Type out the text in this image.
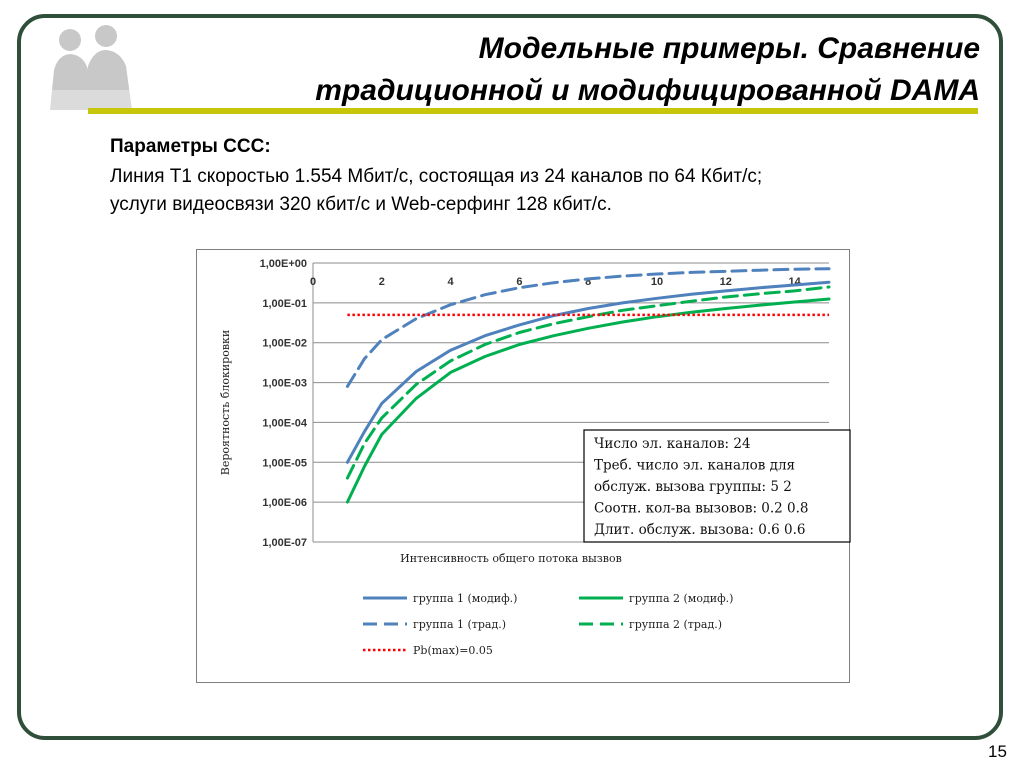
Модельные примеры. Сравнение
традиционной и модифицированной DAMA
Параметры ССС:
Линия Т1 скоростью 1.554 Мбит/с, состоящая из 24 каналов по 64 Кбит/с;
услуги видеосвязи 320 кбит/с и Web-серфинг 128 кбит/с.
1,00E+00
1,00E-01
1,00E-02
1,00E-03
1,00E-04
1,00E-05
1,00E-06
1,00E-07
0	2	4	6	8	10	12	14
Вероятность блокировки
Интенсивность общего потока вызвов
Число эл. каналов: 24
Треб. число эл. каналов для
обслуж. вызова группы: 5 2
Соотн. кол-ва вызовов: 0.2 0.8
Длит. обслуж. вызова: 0.6 0.6
группа 1 (модиф.)	группа 2 (модиф.)
группа 1 (трад.)	группа 2 (трад.)
Pb(max)=0.05
15
